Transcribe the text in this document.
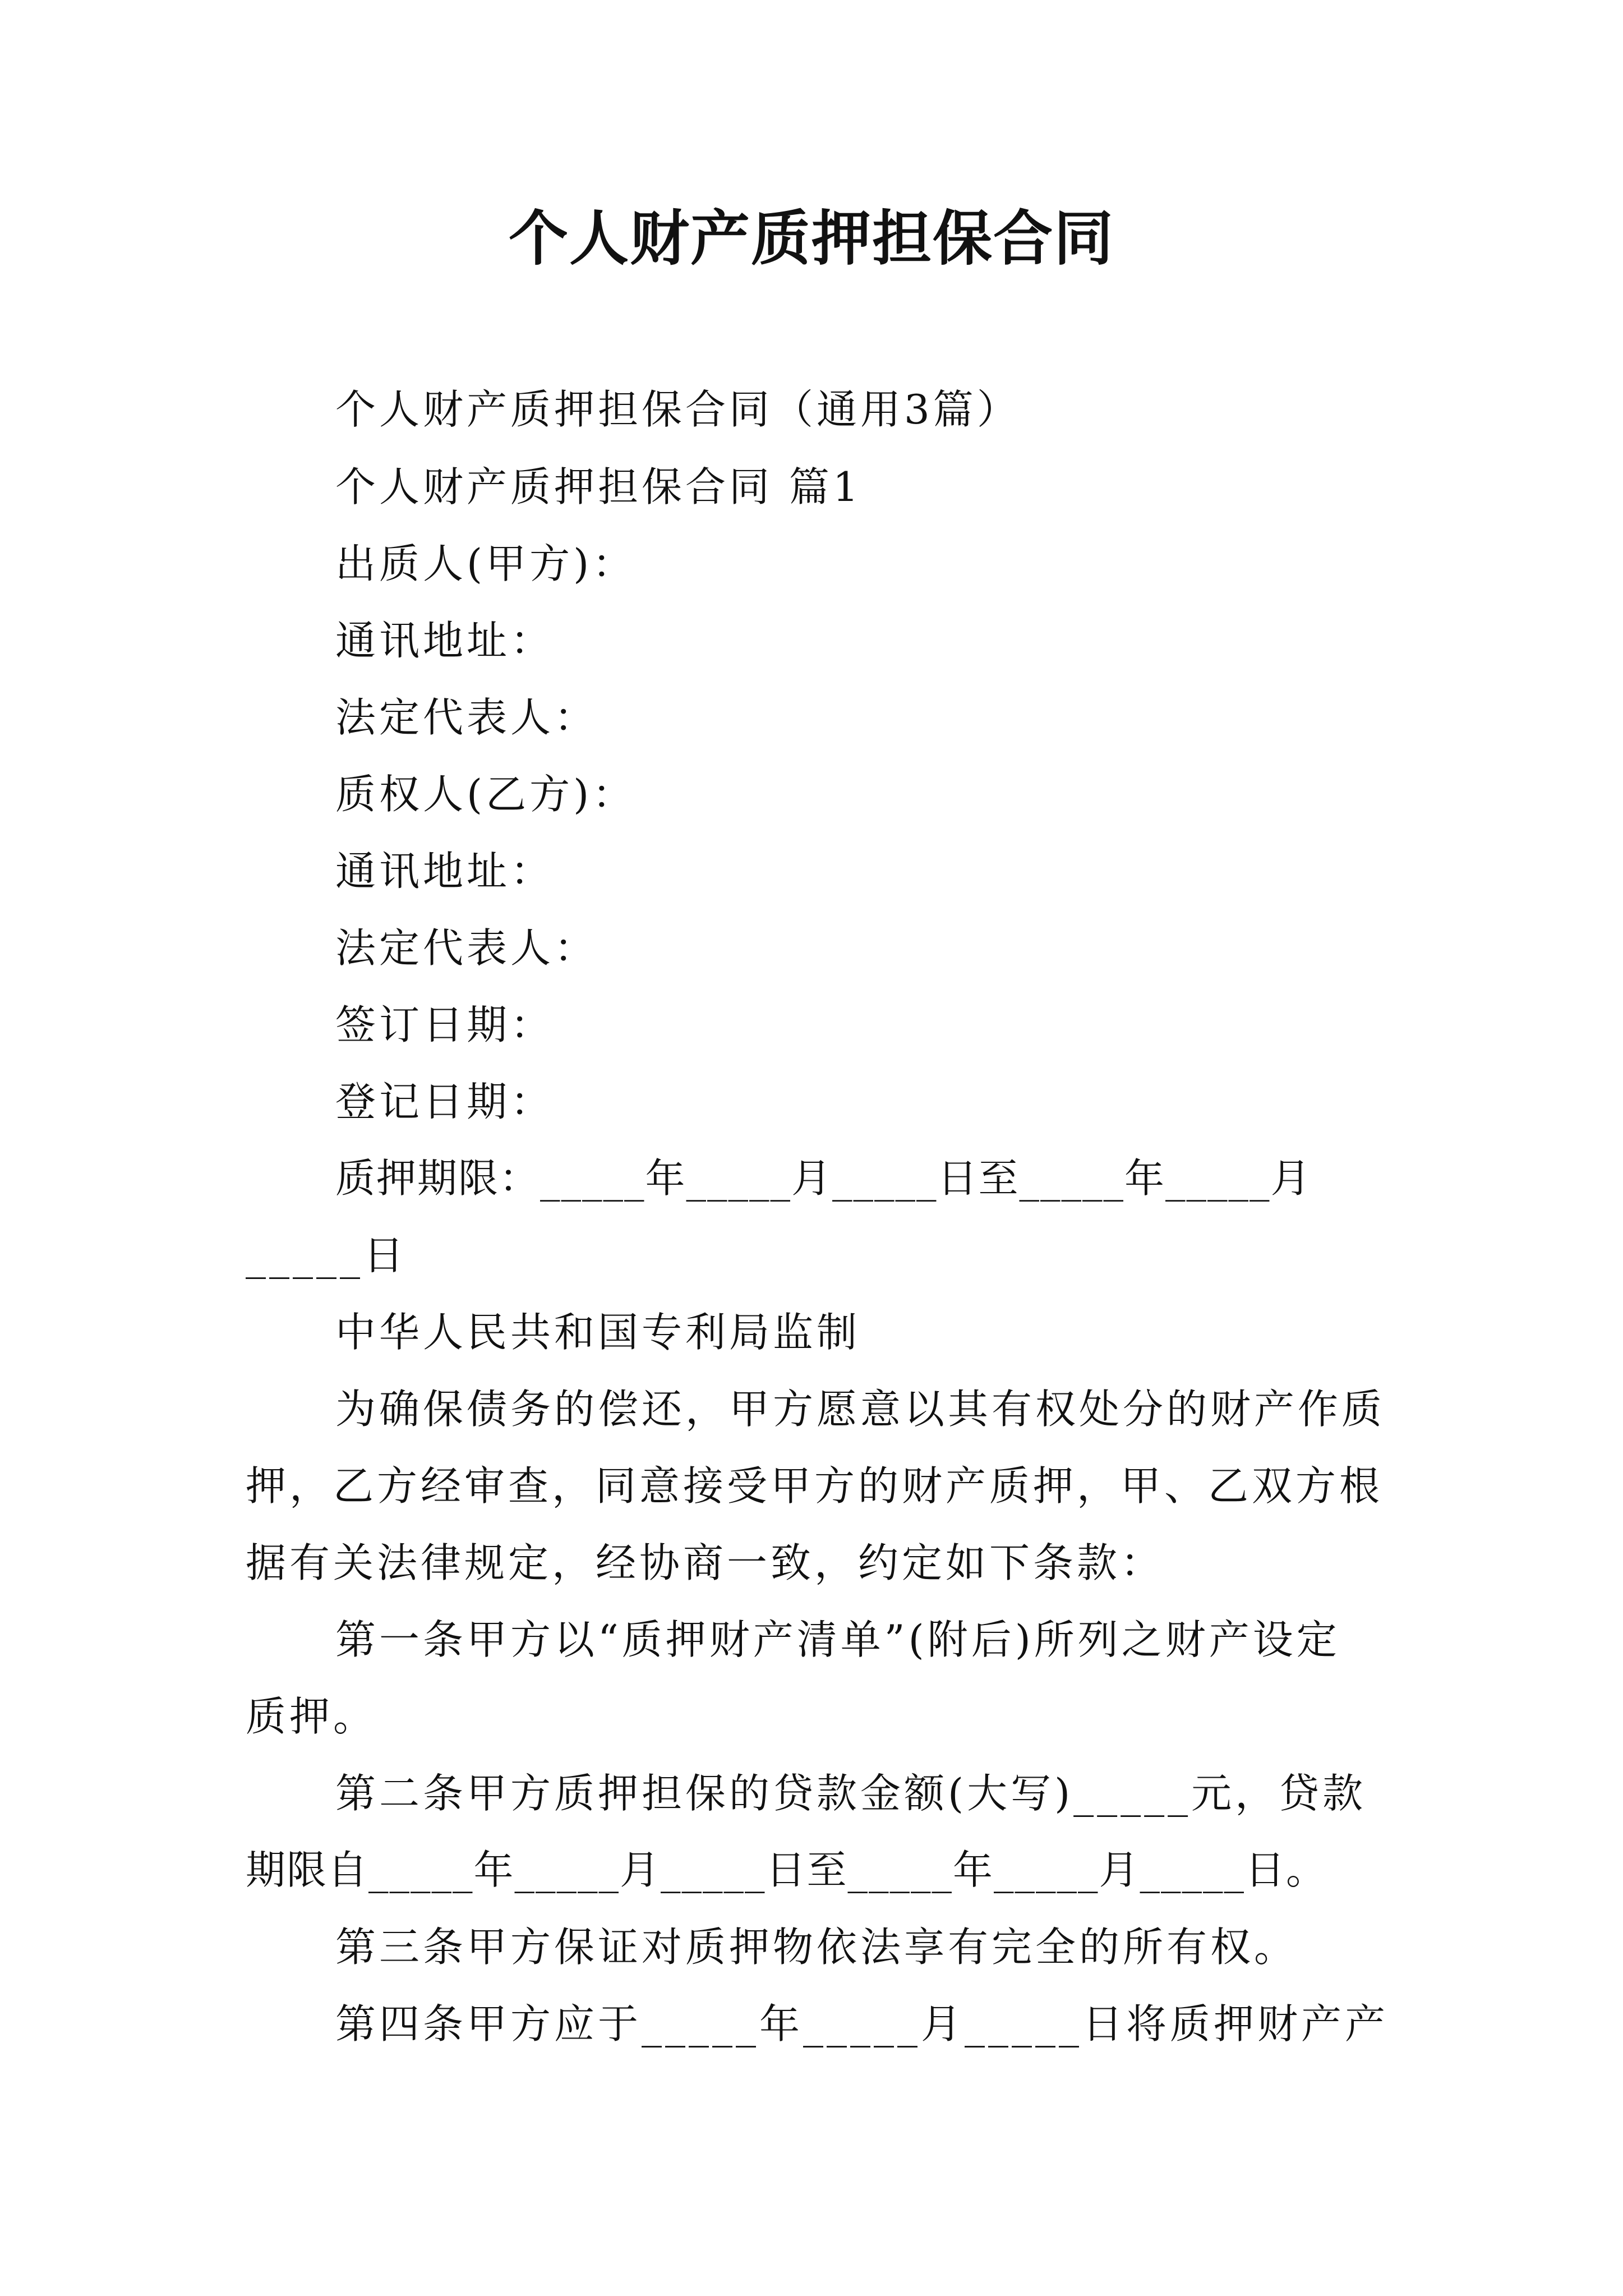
个人财产质押担保合同
个人财产质押担保合同（通用3篇）
个人财产质押担保合同 篇1
出质人(甲方)：
通讯地址：
法定代表人：
质权人(乙方)：
通讯地址：
法定代表人：
签订日期：
登记日期：
质押期限：_____年_____月_____日至_____年_____月
_____日
中华人民共和国专利局监制
为确保债务的偿还，甲方愿意以其有权处分的财产作质
押，乙方经审查，同意接受甲方的财产质押，甲、乙双方根
据有关法律规定，经协商一致，约定如下条款：
第一条甲方以“质押财产清单”(附后)所列之财产设定
质押。
第二条甲方质押担保的贷款金额(大写)_____元，贷款
期限自_____年_____月_____日至_____年_____月_____日。
第三条甲方保证对质押物依法享有完全的所有权。
第四条甲方应于_____年_____月_____日将质押财产产
